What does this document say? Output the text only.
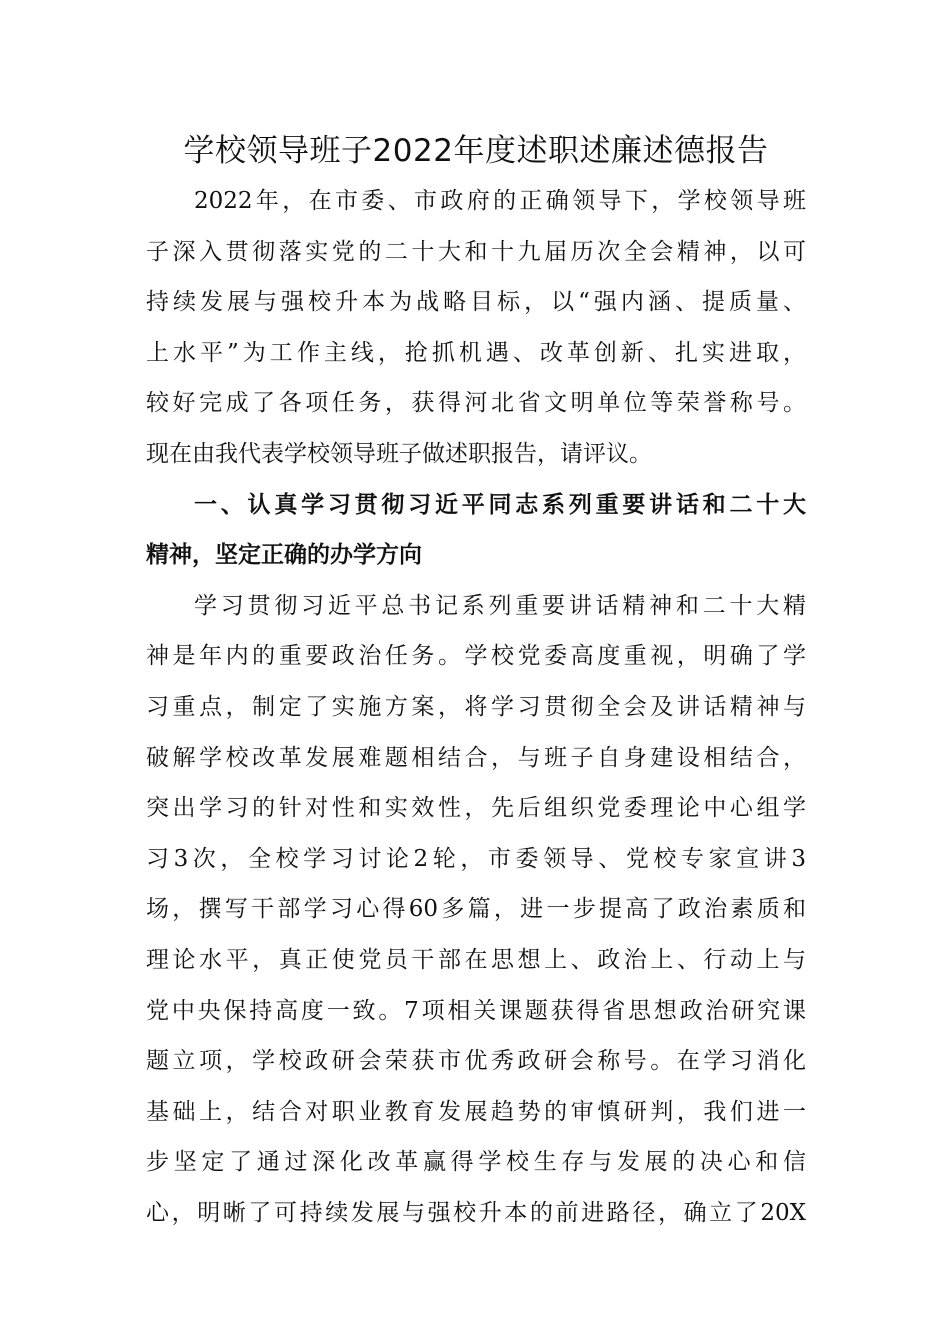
学校领导班子2022年度述职述廉述德报告
2022年，在市委、市政府的正确领导下，学校领导班
子深入贯彻落实党的二十大和十九届历次全会精神，以可
持续发展与强校升本为战略目标，以“强内涵、提质量、
上水平”为工作主线，抢抓机遇、改革创新、扎实进取，
较好完成了各项任务，获得河北省文明单位等荣誉称号。
现在由我代表学校领导班子做述职报告，请评议。
一、认真学习贯彻习近平同志系列重要讲话和二十大
精神，坚定正确的办学方向
学习贯彻习近平总书记系列重要讲话精神和二十大精
神是年内的重要政治任务。学校党委高度重视，明确了学
习重点，制定了实施方案，将学习贯彻全会及讲话精神与
破解学校改革发展难题相结合，与班子自身建设相结合，
突出学习的针对性和实效性，先后组织党委理论中心组学
习3次，全校学习讨论2轮，市委领导、党校专家宣讲3
场，撰写干部学习心得60多篇，进一步提高了政治素质和
理论水平，真正使党员干部在思想上、政治上、行动上与
党中央保持高度一致。7项相关课题获得省思想政治研究课
题立项，学校政研会荣获市优秀政研会称号。在学习消化
基础上，结合对职业教育发展趋势的审慎研判，我们进一
步坚定了通过深化改革赢得学校生存与发展的决心和信
心，明晰了可持续发展与强校升本的前进路径，确立了20X
